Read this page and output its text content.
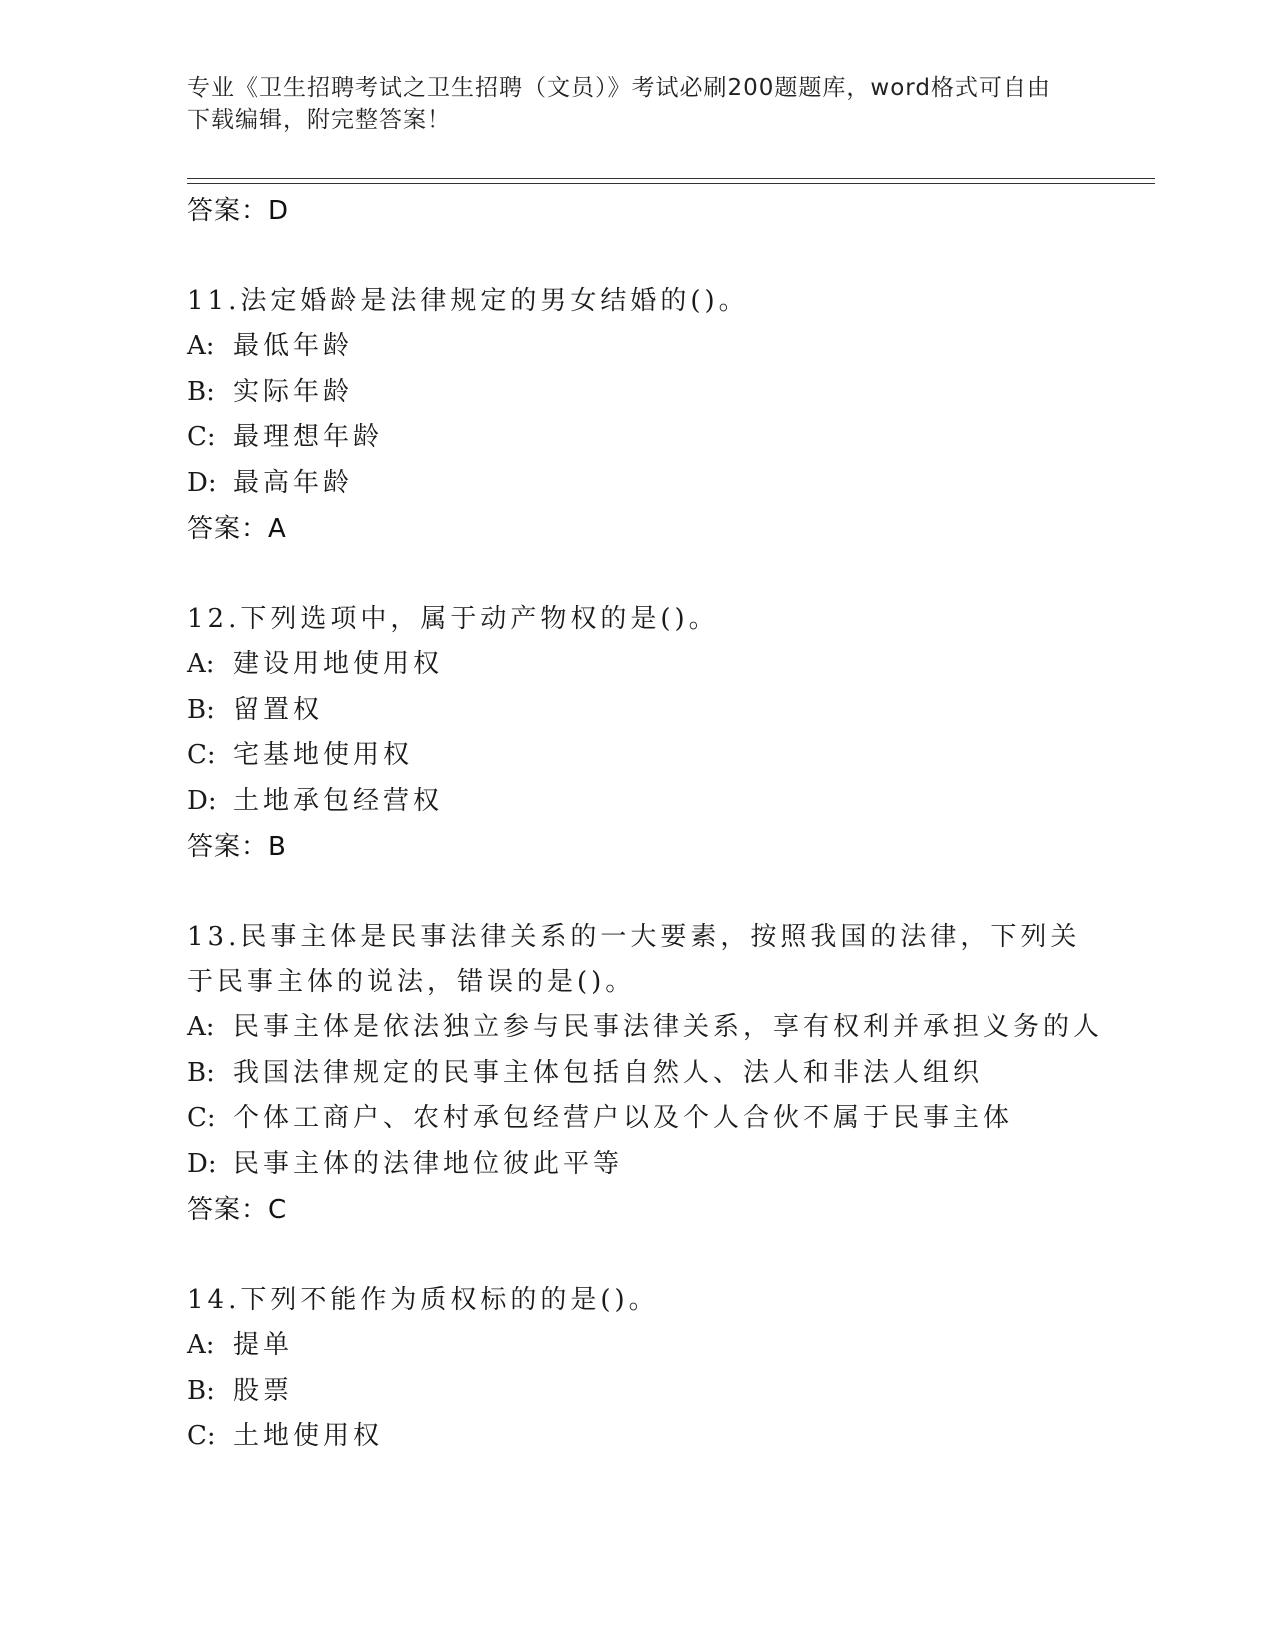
专业《卫生招聘考试之卫生招聘（文员）》考试必刷200题题库，word格式可自由下载编辑，附完整答案！
答案：D
11.法定婚龄是法律规定的男女结婚的()。
A: 最低年龄
B: 实际年龄
C: 最理想年龄
D: 最高年龄
答案：A
12.下列选项中，属于动产物权的是()。
A: 建设用地使用权
B: 留置权
C: 宅基地使用权
D: 土地承包经营权
答案：B
13.民事主体是民事法律关系的一大要素，按照我国的法律，下列关于民事主体的说法，错误的是()。
A: 民事主体是依法独立参与民事法律关系，享有权利并承担义务的人
B: 我国法律规定的民事主体包括自然人、法人和非法人组织
C: 个体工商户、农村承包经营户以及个人合伙不属于民事主体
D: 民事主体的法律地位彼此平等
答案：C
14.下列不能作为质权标的的是()。
A: 提单
B: 股票
C: 土地使用权
